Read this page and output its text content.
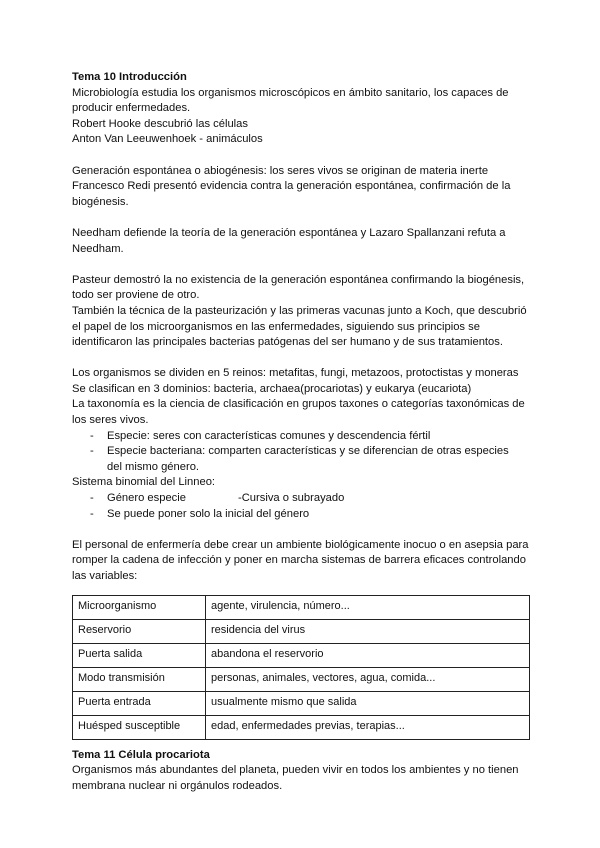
Tema 10 Introducción

Microbiología estudia los organismos microscópicos en ámbito sanitario, los capaces de

producir enfermedades.

Robert Hooke descubrió las células

Anton Van Leeuwenhoek - animáculos

Generación espontánea o abiogénesis: los seres vivos se originan de materia inerte

Francesco Redi presentó evidencia contra la generación espontánea, confirmación de la

biogénesis.

Needham defiende la teoría de la generación espontánea y Lazaro Spallanzani refuta a

Needham.

Pasteur demostró la no existencia de la generación espontánea confirmando la biogénesis,

todo ser proviene de otro.

También la técnica de la pasteurización y las primeras vacunas junto a Koch, que descubrió

el papel de los microorganismos en las enfermedades, siguiendo sus principios se

identificaron las principales bacterias patógenas del ser humano y de sus tratamientos.

Los organismos se dividen en 5 reinos: metafitas, fungi, metazoos, protoctistas y moneras

Se clasifican en 3 dominios: bacteria, archaea(procariotas) y eukarya (eucariota)

La taxonomía es la ciencia de clasificación en grupos taxones o categorías taxonómicas de

los seres vivos.

- Especie: seres con características comunes y descendencia fértil
- Especie bacteriana: comparten características y se diferencian de otras especies
del mismo género.

Sistema binomial del Linneo:

- Género especie	-Cursiva o subrayado
- Se puede poner solo la inicial del género

El personal de enfermería debe crear un ambiente biológicamente inocuo o en asepsia para

romper la cadena de infección y poner en marcha sistemas de barrera eficaces controlando

las variables:

Microorganismo	agente, virulencia, número...
Reservorio	residencia del virus
Puerta salida	abandona el reservorio
Modo transmisión	personas, animales, vectores, agua, comida...
Puerta entrada	usualmente mismo que salida
Huésped susceptible	edad, enfermedades previas, terapias...

Tema 11 Célula procariota

Organismos más abundantes del planeta, pueden vivir en todos los ambientes y no tienen

membrana nuclear ni orgánulos rodeados.
